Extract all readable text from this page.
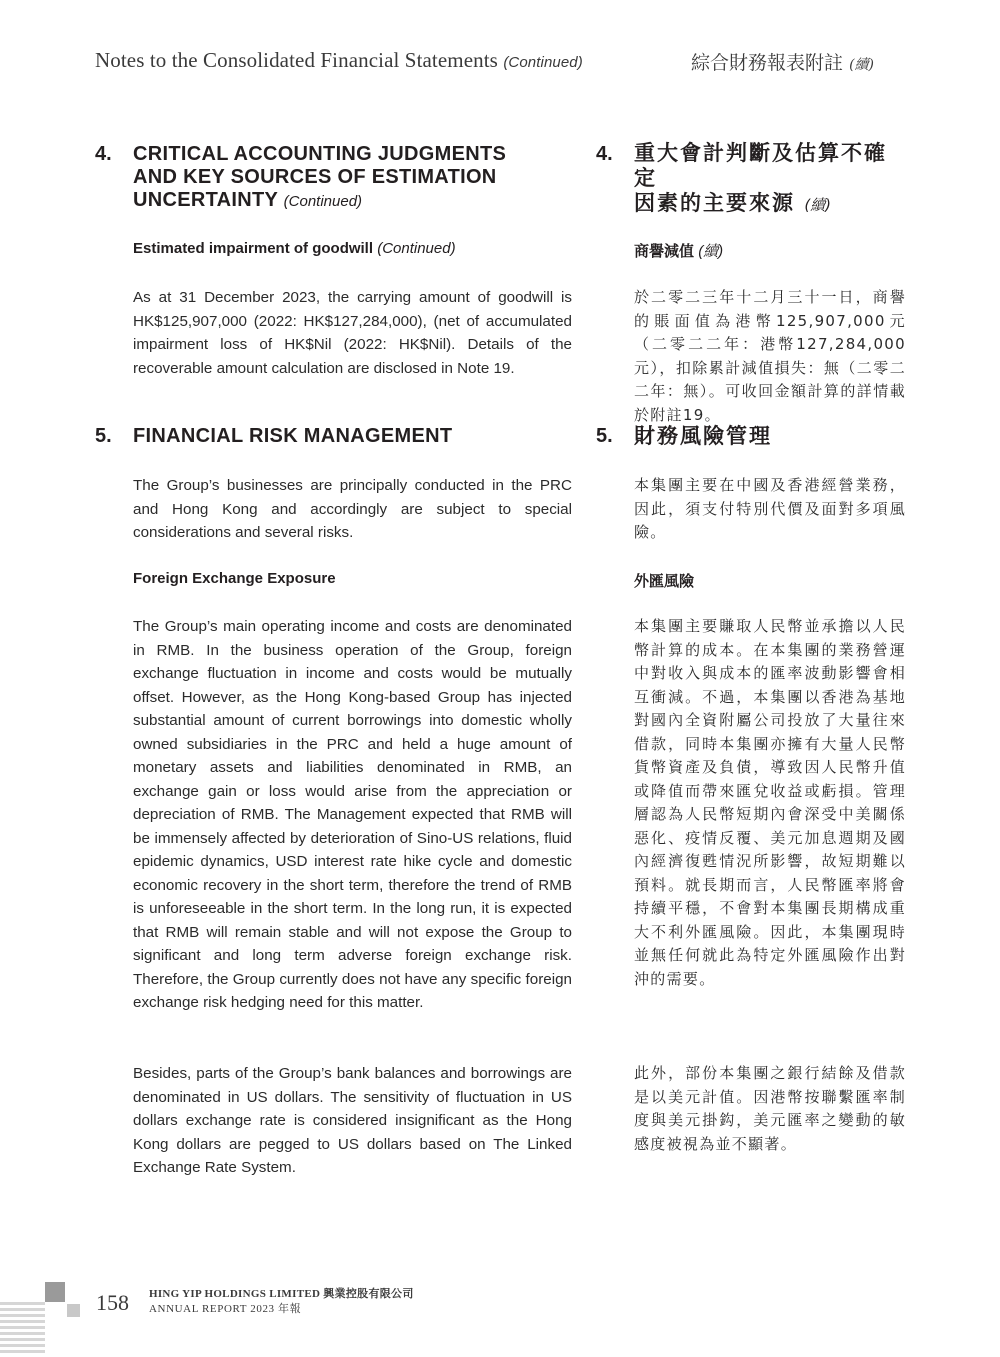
Notes to the Consolidated Financial Statements (Continued)	綜合財務報表附註 (續)
4. CRITICAL ACCOUNTING JUDGMENTS
AND KEY SOURCES OF ESTIMATION
UNCERTAINTY (Continued)
4. 重大會計判斷及估算不確定
因素的主要來源 (續)
Estimated impairment of goodwill (Continued)	商譽減值 (續)
As at 31 December 2023, the carrying amount of goodwill is HK$125,907,000 (2022: HK$127,284,000), (net of accumulated impairment loss of HK$Nil (2022: HK$Nil). Details of the recoverable amount calculation are disclosed in Note 19.
於二零二三年十二月三十一日，商譽的賬面值為港幣125,907,000元（二零二二年：港幣127,284,000元），扣除累計減值損失：無（二零二二年：無）。可收回金額計算的詳情載於附註19。
5. FINANCIAL RISK MANAGEMENT	5. 財務風險管理
The Group’s businesses are principally conducted in the PRC and Hong Kong and accordingly are subject to special considerations and several risks.
本集團主要在中國及香港經營業務，因此，須支付特別代價及面對多項風險。
Foreign Exchange Exposure	外匯風險
The Group’s main operating income and costs are denominated in RMB. In the business operation of the Group, foreign exchange fluctuation in income and costs would be mutually offset. However, as the Hong Kong-based Group has injected substantial amount of current borrowings into domestic wholly owned subsidiaries in the PRC and held a huge amount of monetary assets and liabilities denominated in RMB, an exchange gain or loss would arise from the appreciation or depreciation of RMB. The Management expected that RMB will be immensely affected by deterioration of Sino-US relations, fluid epidemic dynamics, USD interest rate hike cycle and domestic economic recovery in the short term, therefore the trend of RMB is unforeseeable in the short term. In the long run, it is expected that RMB will remain stable and will not expose the Group to significant and long term adverse foreign exchange risk. Therefore, the Group currently does not have any specific foreign exchange risk hedging need for this matter.
本集團主要賺取人民幣並承擔以人民幣計算的成本。在本集團的業務營運中對收入與成本的匯率波動影響會相互衝減。不過，本集團以香港為基地對國內全資附屬公司投放了大量往來借款，同時本集團亦擁有大量人民幣貨幣資產及負債，導致因人民幣升值或降值而帶來匯兌收益或虧損。管理層認為人民幣短期內會深受中美關係惡化、疫情反覆、美元加息週期及國內經濟復甦情況所影響，故短期難以預料。就長期而言，人民幣匯率將會持續平穩，不會對本集團長期構成重大不利外匯風險。因此，本集團現時並無任何就此為特定外匯風險作出對沖的需要。
Besides, parts of the Group’s bank balances and borrowings are denominated in US dollars. The sensitivity of fluctuation in US dollars exchange rate is considered insignificant as the Hong Kong dollars are pegged to US dollars based on The Linked Exchange Rate System.
此外，部份本集團之銀行結餘及借款是以美元計值。因港幣按聯繫匯率制度與美元掛鈎，美元匯率之變動的敏感度被視為並不顯著。
158 HING YIP HOLDINGS LIMITED 興業控股有限公司
ANNUAL REPORT 2023 年報
